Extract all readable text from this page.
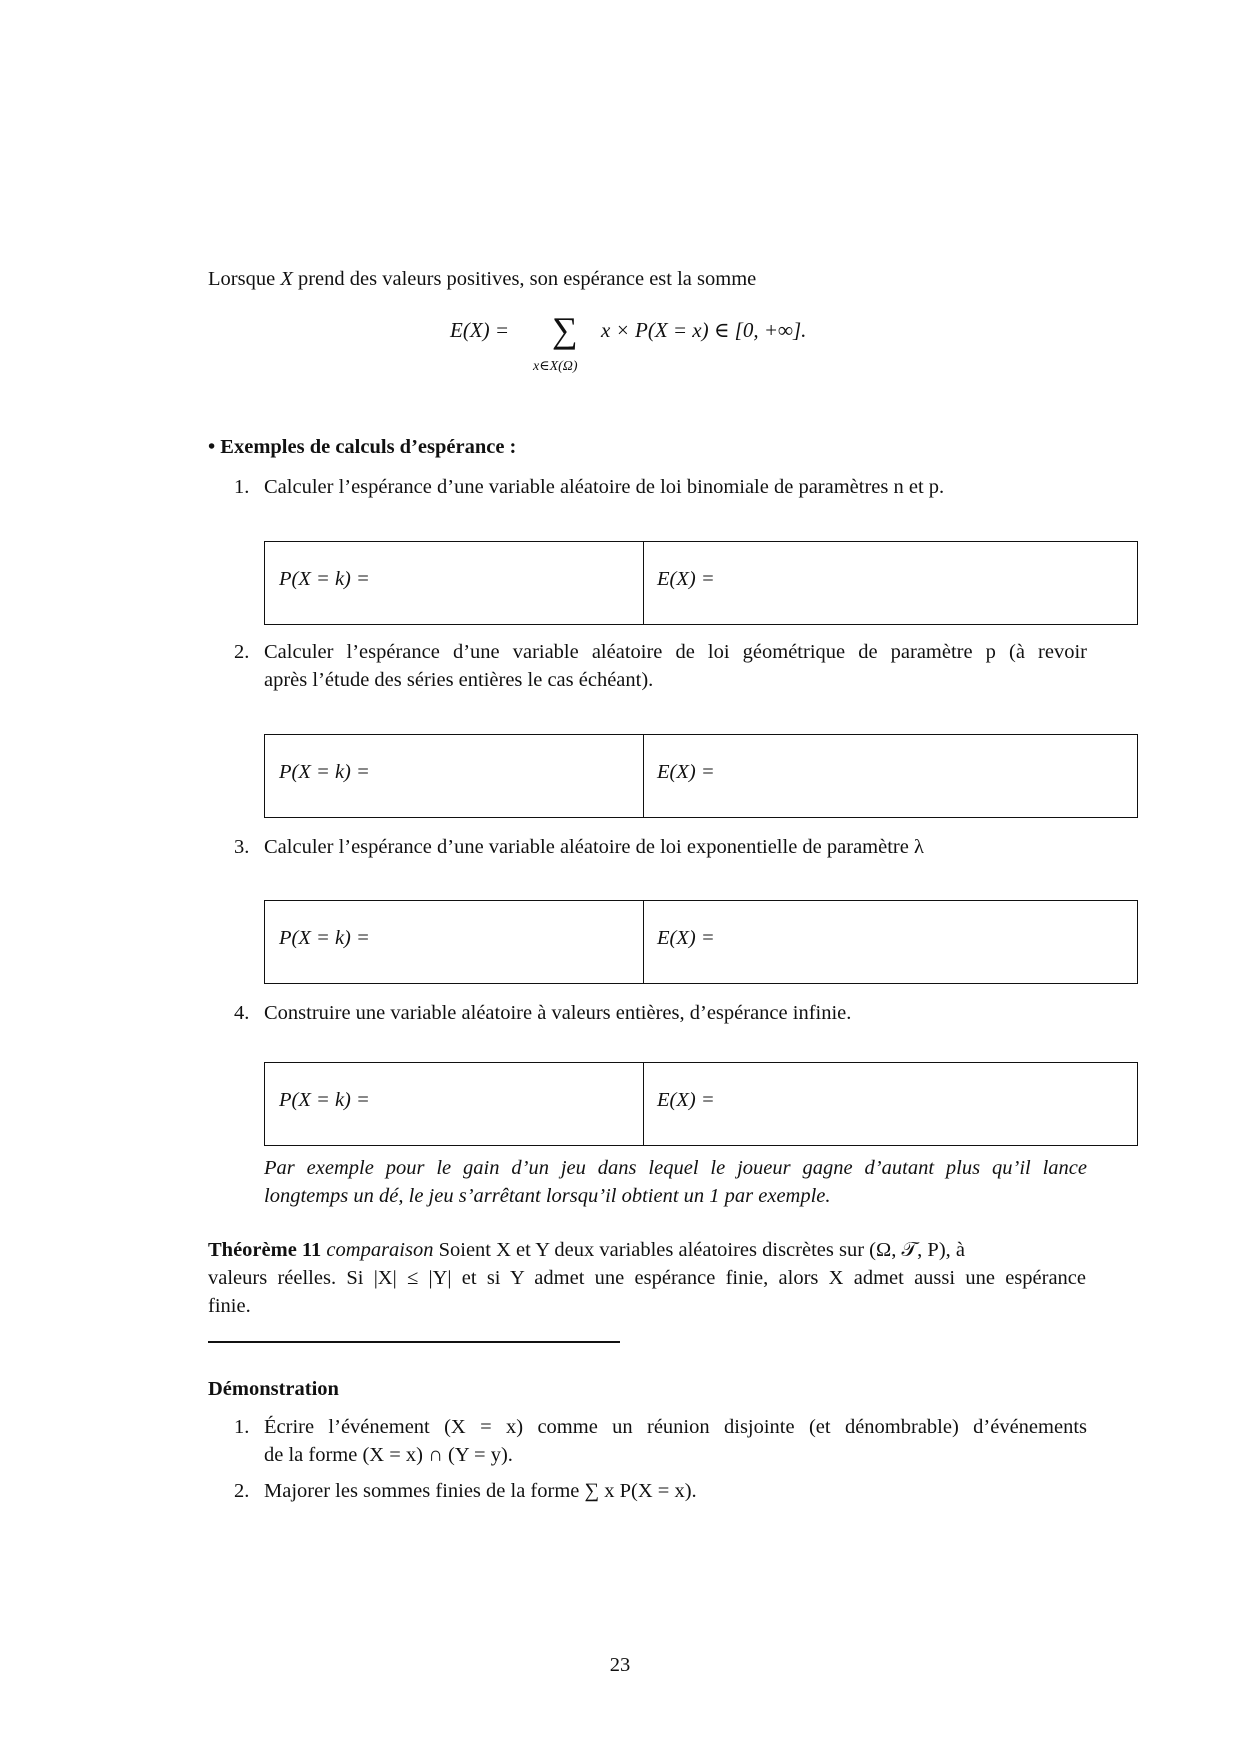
Lorsque X prend des valeurs positives, son espérance est la somme
E(X) = ∑
x∈X(Ω)
x × P(X = x) ∈ [0, +∞].
• Exemples de calculs d’espérance :
1. Calculer l’espérance d’une variable aléatoire de loi binomiale de paramètres n et p.
P(X = k) =	E(X) =
2. Calculer l’espérance d’une variable aléatoire de loi géométrique de paramètre p (à revoir
après l’étude des séries entières le cas échéant).
P(X = k) =	E(X) =
3. Calculer l’espérance d’une variable aléatoire de loi exponentielle de paramètre λ
P(X = k) =	E(X) =
4. Construire une variable aléatoire à valeurs entières, d’espérance infinie.
P(X = k) =	E(X) =
Par exemple pour le gain d’un jeu dans lequel le joueur gagne d’autant plus qu’il lance
longtemps un dé, le jeu s’arrêtant lorsqu’il obtient un 1 par exemple.
Théorème 11 comparaison Soient X et Y deux variables aléatoires discrètes sur (Ω, 𝒯, P), à
valeurs réelles. Si |X| ≤ |Y| et si Y admet une espérance finie, alors X admet aussi une espérance
finie.
Démonstration
1. Écrire l’événement (X = x) comme un réunion disjointe (et dénombrable) d’événements
de la forme (X = x) ∩ (Y = y).
2. Majorer les sommes finies de la forme ∑ x P(X = x).
23
